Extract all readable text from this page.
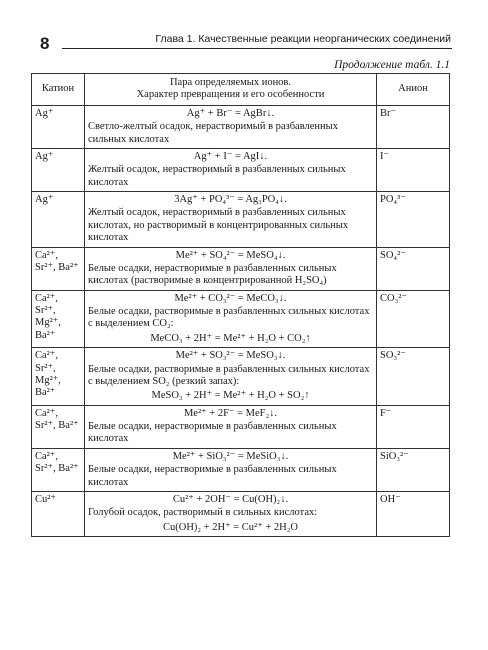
8	Глава 1. Качественные реакции неорганических соединений
Продолжение табл. 1.1
Катион	Пара определяемых ионов.
Характер превращения и его особенности	Анион
Ag⁺	Ag⁺ + Br⁻ = AgBr↓.
Светло-желтый осадок, нерастворимый в разбавленных сильных кислотах	Br⁻
Ag⁺	Ag⁺ + I⁻ = AgI↓.
Желтый осадок, нерастворимый в разбавленных сильных кислотах	I⁻
Ag⁺	3Ag⁺ + PO₄³⁻ = Ag₃PO₄↓.
Желтый осадок, нерастворимый в разбавленных сильных кислотах, но растворимый в концентрированных сильных кислотах	PO₄³⁻
Ca²⁺, Sr²⁺, Ba²⁺	Me²⁺ + SO₄²⁻ = MeSO₄↓.
Белые осадки, нерастворимые в разбавленных сильных кислотах (растворимые в концентрированной H₂SO₄)	SO₄²⁻
Ca²⁺, Sr²⁺, Mg²⁺, Ba²⁺	Me²⁺ + CO₃²⁻ = MeCO₃↓.
Белые осадки, растворимые в разбавленных сильных кислотах с выделением CO₂:
MeCO₃ + 2H⁺ = Me²⁺ + H₂O + CO₂↑	CO₃²⁻
Ca²⁺, Sr²⁺, Mg²⁺, Ba²⁺	Me²⁺ + SO₃²⁻ = MeSO₃↓.
Белые осадки, растворимые в разбавленных сильных кислотах с выделением SO₂ (резкий запах):
MeSO₃ + 2H⁺ = Me²⁺ + H₂O + SO₂↑	SO₃²⁻
Ca²⁺, Sr²⁺, Ba²⁺	Me²⁺ + 2F⁻ = MeF₂↓.
Белые осадки, нерастворимые в разбавленных сильных кислотах	F⁻
Ca²⁺, Sr²⁺, Ba²⁺	Me²⁺ + SiO₃²⁻ = MeSiO₃↓.
Белые осадки, нерастворимые в разбавленных сильных кислотах	SiO₃²⁻
Cu²⁺	Cu²⁺ + 2OH⁻ = Cu(OH)₂↓.
Голубой осадок, растворимый в сильных кислотах:
Cu(OH)₂ + 2H⁺ = Cu²⁺ + 2H₂O	OH⁻
